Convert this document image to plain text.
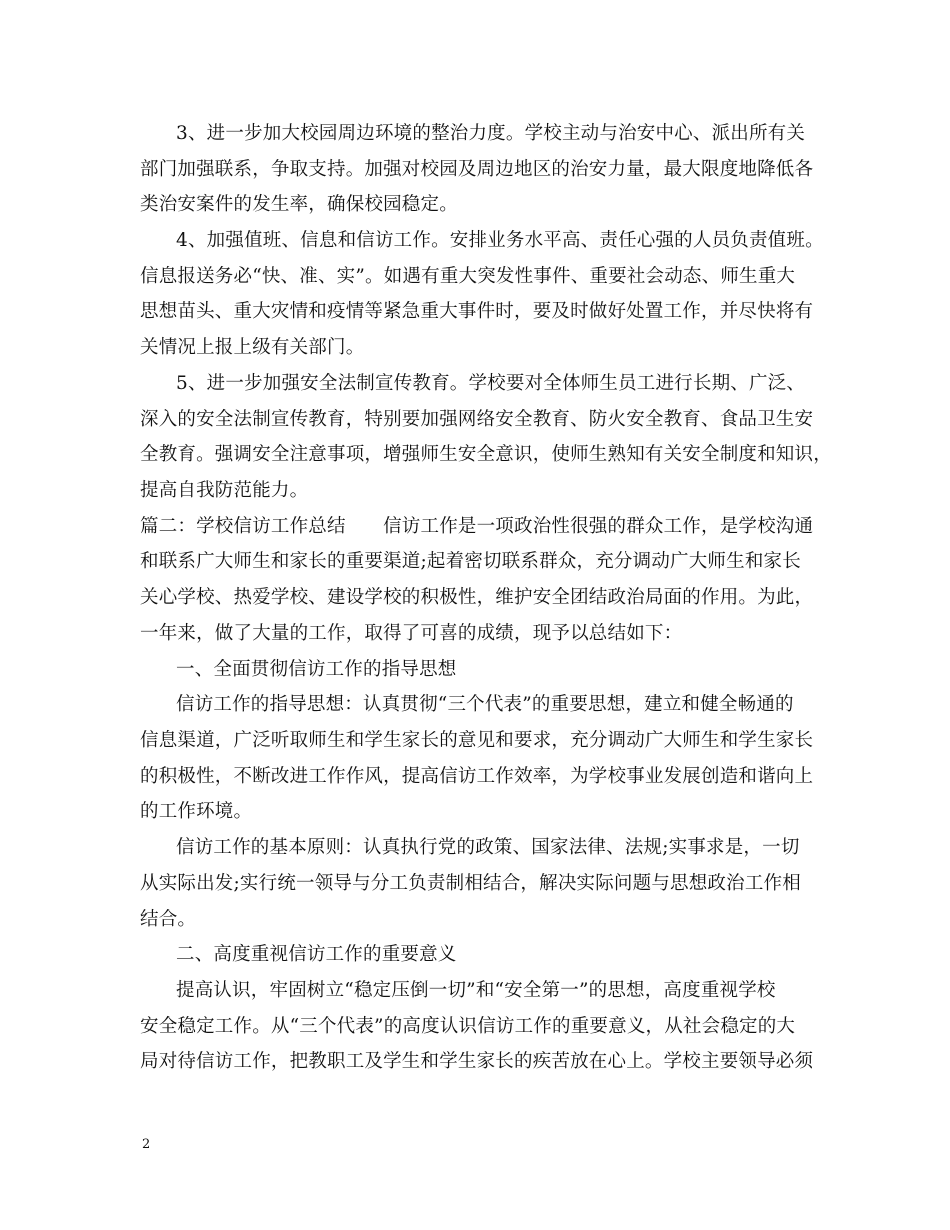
3、进一步加大校园周边环境的整治力度。学校主动与治安中心、派出所有关
部门加强联系，争取支持。加强对校园及周边地区的治安力量，最大限度地降低各
类治安案件的发生率，确保校园稳定。
4、加强值班、信息和信访工作。安排业务水平高、责任心强的人员负责值班。
信息报送务必“快、准、实”。如遇有重大突发性事件、重要社会动态、师生重大
思想苗头、重大灾情和疫情等紧急重大事件时，要及时做好处置工作，并尽快将有
关情况上报上级有关部门。
5、进一步加强安全法制宣传教育。学校要对全体师生员工进行长期、广泛、
深入的安全法制宣传教育，特别要加强网络安全教育、防火安全教育、食品卫生安
全教育。强调安全注意事项，增强师生安全意识，使师生熟知有关安全制度和知识，
提高自我防范能力。
篇二：学校信访工作总结　　信访工作是一项政治性很强的群众工作，是学校沟通
和联系广大师生和家长的重要渠道;起着密切联系群众，充分调动广大师生和家长
关心学校、热爱学校、建设学校的积极性，维护安全团结政治局面的作用。为此，
一年来，做了大量的工作，取得了可喜的成绩，现予以总结如下：
一、全面贯彻信访工作的指导思想
信访工作的指导思想：认真贯彻“三个代表”的重要思想，建立和健全畅通的
信息渠道，广泛听取师生和学生家长的意见和要求，充分调动广大师生和学生家长
的积极性，不断改进工作作风，提高信访工作效率，为学校事业发展创造和谐向上
的工作环境。
信访工作的基本原则：认真执行党的政策、国家法律、法规;实事求是，一切
从实际出发;实行统一领导与分工负责制相结合，解决实际问题与思想政治工作相
结合。
二、高度重视信访工作的重要意义
提高认识，牢固树立“稳定压倒一切”和“安全第一”的思想，高度重视学校
安全稳定工作。从“三个代表”的高度认识信访工作的重要意义，从社会稳定的大
局对待信访工作，把教职工及学生和学生家长的疾苦放在心上。学校主要领导必须
2
